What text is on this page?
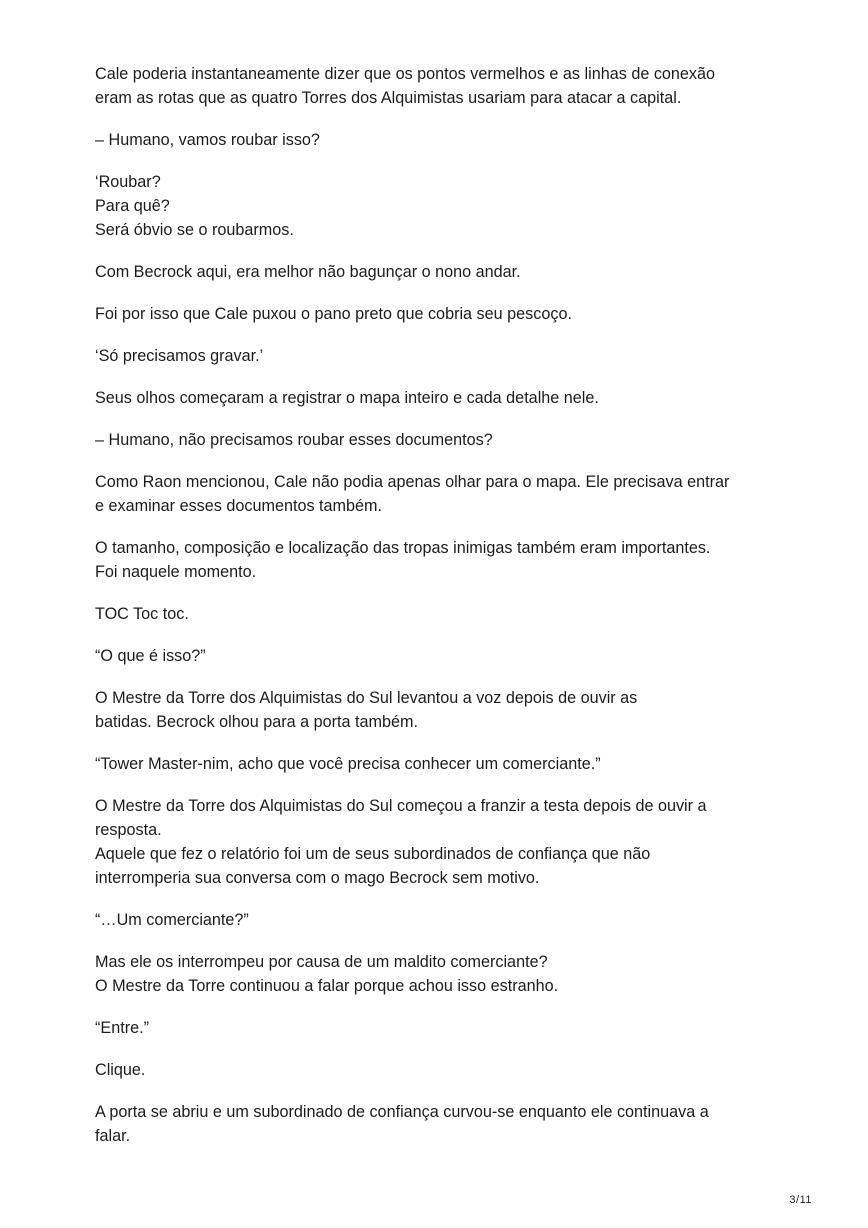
Cale poderia instantaneamente dizer que os pontos vermelhos e as linhas de conexão
eram as rotas que as quatro Torres dos Alquimistas usariam para atacar a capital.

– Humano, vamos roubar isso?

‘Roubar?
Para quê?
Será óbvio se o roubarmos.

Com Becrock aqui, era melhor não bagunçar o nono andar.

Foi por isso que Cale puxou o pano preto que cobria seu pescoço.

‘Só precisamos gravar.’

Seus olhos começaram a registrar o mapa inteiro e cada detalhe nele.

– Humano, não precisamos roubar esses documentos?

Como Raon mencionou, Cale não podia apenas olhar para o mapa. Ele precisava entrar
e examinar esses documentos também.

O tamanho, composição e localização das tropas inimigas também eram importantes.
Foi naquele momento.

TOC Toc toc.

“O que é isso?”

O Mestre da Torre dos Alquimistas do Sul levantou a voz depois de ouvir as
batidas. Becrock olhou para a porta também.

“Tower Master-nim, acho que você precisa conhecer um comerciante.”

O Mestre da Torre dos Alquimistas do Sul começou a franzir a testa depois de ouvir a
resposta.
Aquele que fez o relatório foi um de seus subordinados de confiança que não
interromperia sua conversa com o mago Becrock sem motivo.

“…Um comerciante?”

Mas ele os interrompeu por causa de um maldito comerciante?
O Mestre da Torre continuou a falar porque achou isso estranho.

“Entre.”

Clique.

A porta se abriu e um subordinado de confiança curvou-se enquanto ele continuava a
falar.

3/11
